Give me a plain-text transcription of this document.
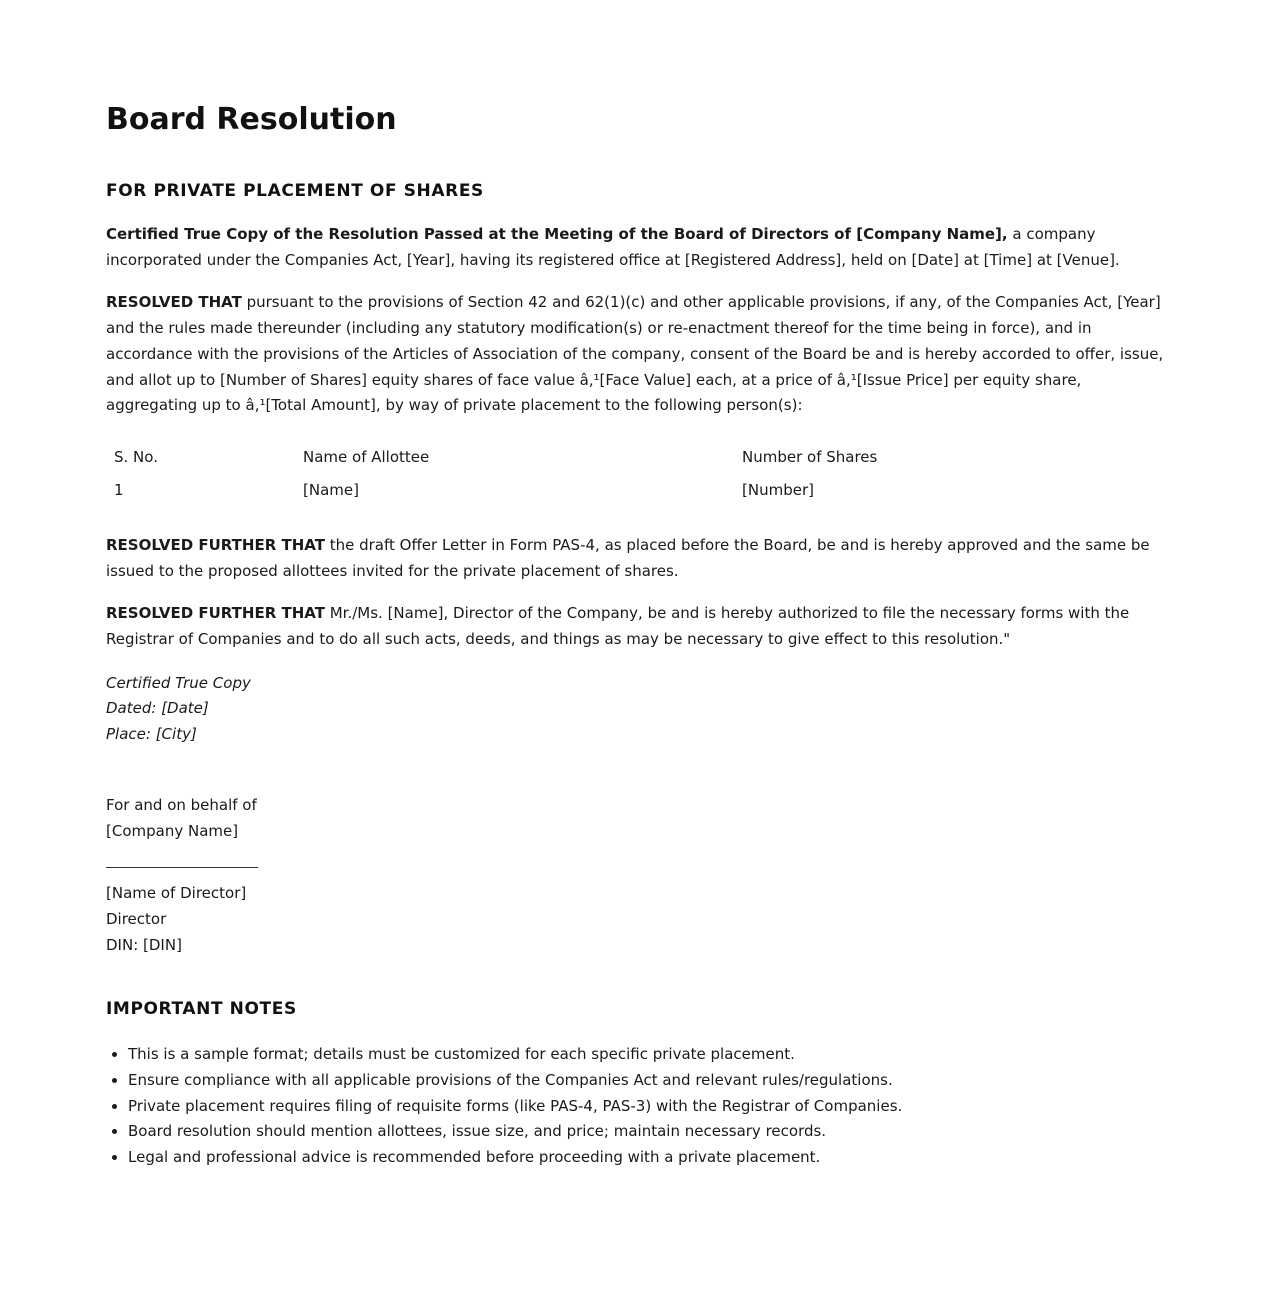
Board Resolution
FOR PRIVATE PLACEMENT OF SHARES

Certified True Copy of the Resolution Passed at the Meeting of the Board of Directors of [Company Name], a company incorporated under the Companies Act, [Year], having its registered office at [Registered Address], held on [Date] at [Time] at [Venue].

RESOLVED THAT pursuant to the provisions of Section 42 and 62(1)(c) and other applicable provisions, if any, of the Companies Act, [Year] and the rules made thereunder (including any statutory modification(s) or re-enactment thereof for the time being in force), and in accordance with the provisions of the Articles of Association of the company, consent of the Board be and is hereby accorded to offer, issue, and allot up to [Number of Shares] equity shares of face value â‚¹[Face Value] each, at a price of â‚¹[Issue Price] per equity share, aggregating up to â‚¹[Total Amount], by way of private placement to the following person(s):

S. No.	Name of Allottee	Number of Shares
1	[Name]	[Number]

RESOLVED FURTHER THAT the draft Offer Letter in Form PAS-4, as placed before the Board, be and is hereby approved and the same be issued to the proposed allottees invited for the private placement of shares.

RESOLVED FURTHER THAT Mr./Ms. [Name], Director of the Company, be and is hereby authorized to file the necessary forms with the Registrar of Companies and to do all such acts, deeds, and things as may be necessary to give effect to this resolution."

Certified True Copy
Dated: [Date]
Place: [City]
For and on behalf of
[Company Name]
[Name of Director]
Director
DIN: [DIN]
IMPORTANT NOTES
• This is a sample format; details must be customized for each specific private placement.
• Ensure compliance with all applicable provisions of the Companies Act and relevant rules/regulations.
• Private placement requires filing of requisite forms (like PAS-4, PAS-3) with the Registrar of Companies.
• Board resolution should mention allottees, issue size, and price; maintain necessary records.
• Legal and professional advice is recommended before proceeding with a private placement.
